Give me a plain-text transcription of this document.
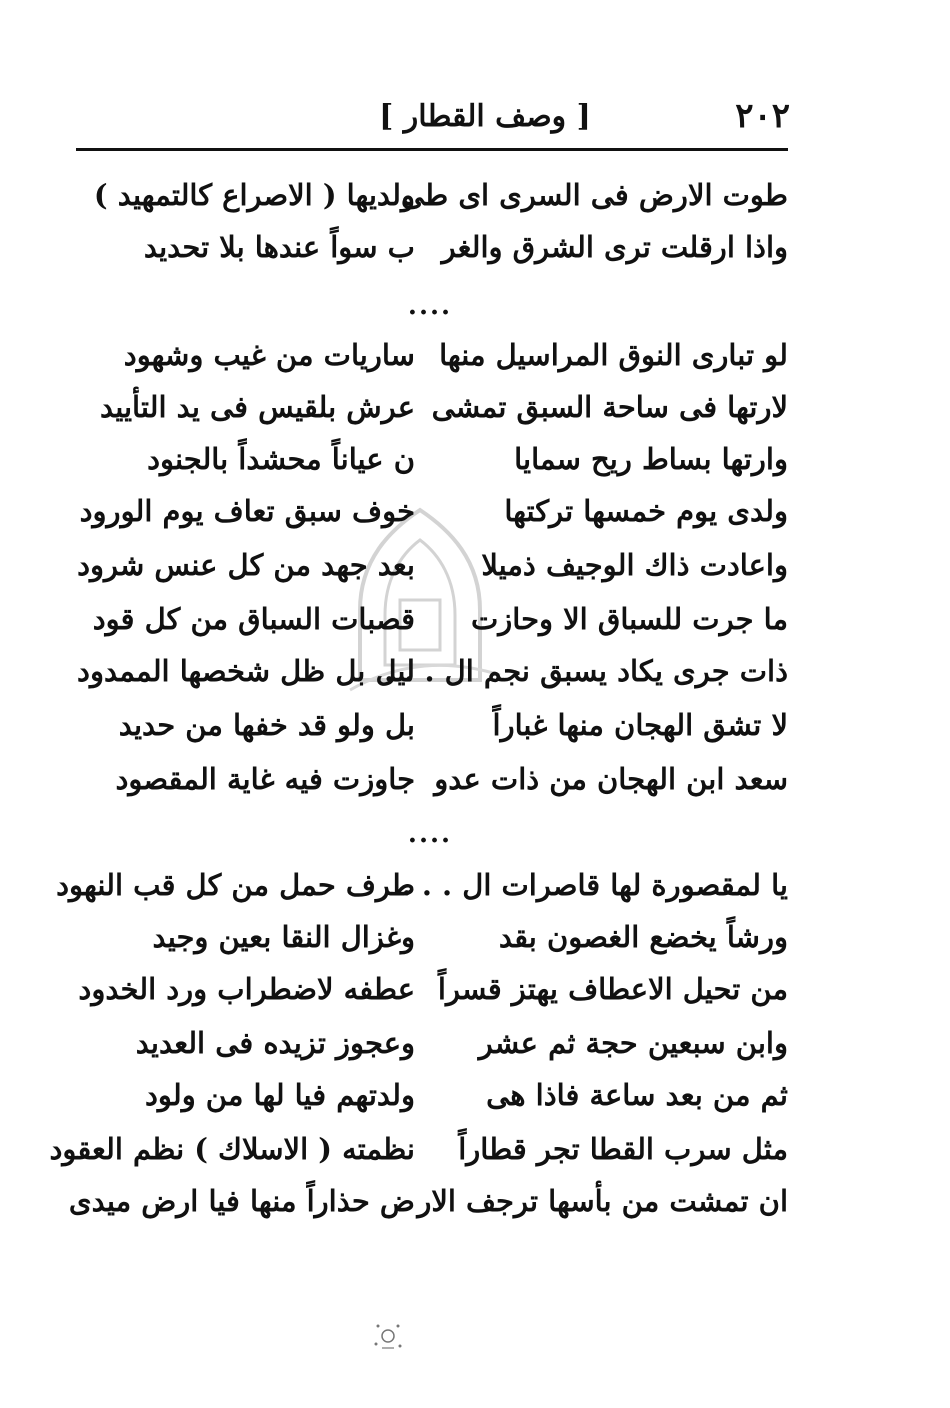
٢٠٢
[ وصف القطار ]
طوت الارض فى السرى اى طى
ولديها ( الاصراع كالتمهيد )
واذا ارقلت ترى الشرق والغر
ب سواً عندها بلا تحديد
....
لو تبارى النوق المراسيل منها
ساريات من غيب وشهود
لارتها فى ساحة السبق تمشى
عرش بلقيس فى يد التأييد
وارتها بساط ريح سمايا
ن عياناً محشداً بالجنود
ولدى يوم خمسها تركتها
خوف سبق تعاف يوم الورود
واعادت ذاك الوجيف ذميلا
بعد جهد من كل عنس شرود
ما جرت للسباق الا وحازت
قصبات السباق من كل قود
ذات جرى يكاد يسبق نجم ال . . .
ليل بل ظل شخصها الممدود
لا تشق الهجان منها غباراً
بل ولو قد خفها من حديد
سعد ابن الهجان من ذات عدو
جاوزت فيه غاية المقصود
....
يا لمقصورة لها قاصرات ال . . .
طرف حمل من كل قب النهود
ورشاً يخضع الغصون بقد
وغزال النقا بعين وجيد
من تحيل الاعطاف يهتز قسراً
عطفه لاضطراب ورد الخدود
وابن سبعين حجة ثم عشر
وعجوز تزيده فى العديد
ثم من بعد ساعة فاذا هى
ولدتهم فيا لها من ولود
مثل سرب القطا تجر قطاراً
نظمته ( الاسلاك ) نظم العقود
ان تمشت من بأسها ترجف الار
ض حذاراً منها فيا ارض ميدى
